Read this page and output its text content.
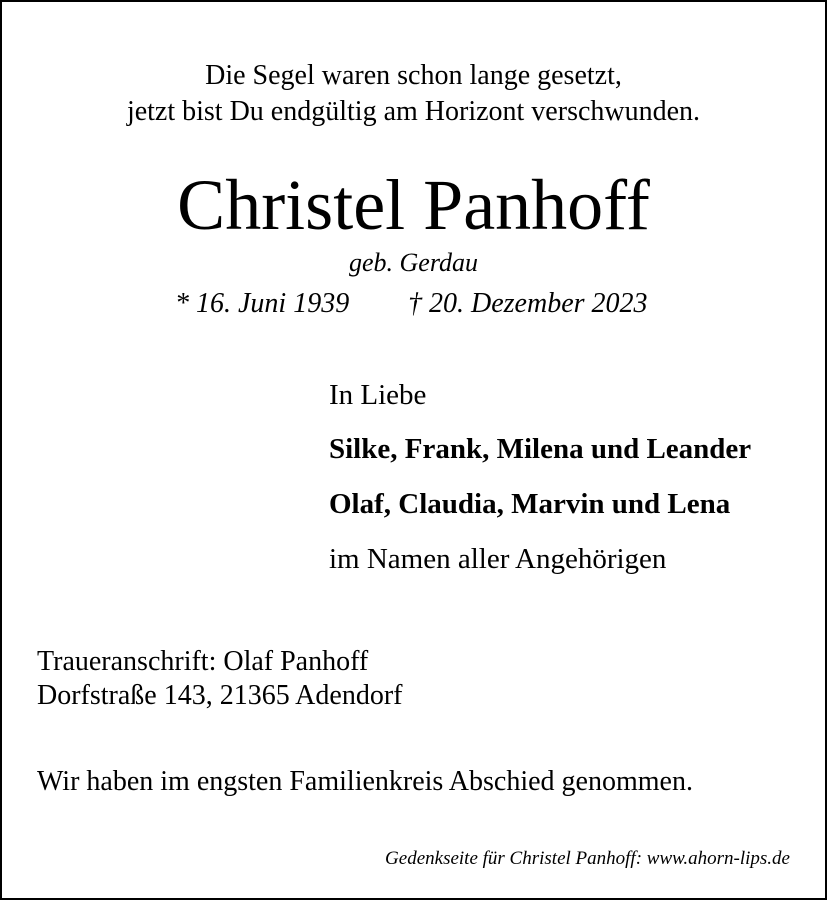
Die Segel waren schon lange gesetzt,
jetzt bist Du endgültig am Horizont verschwunden.
Christel Panhoff
geb. Gerdau
* 16. Juni 1939 † 20. Dezember 2023
In Liebe
Silke, Frank, Milena und Leander
Olaf, Claudia, Marvin und Lena
im Namen aller Angehörigen
Traueranschrift: Olaf Panhoff
Dorfstraße 143, 21365 Adendorf
Wir haben im engsten Familienkreis Abschied genommen.
Gedenkseite für Christel Panhoff: www.ahorn-lips.de
